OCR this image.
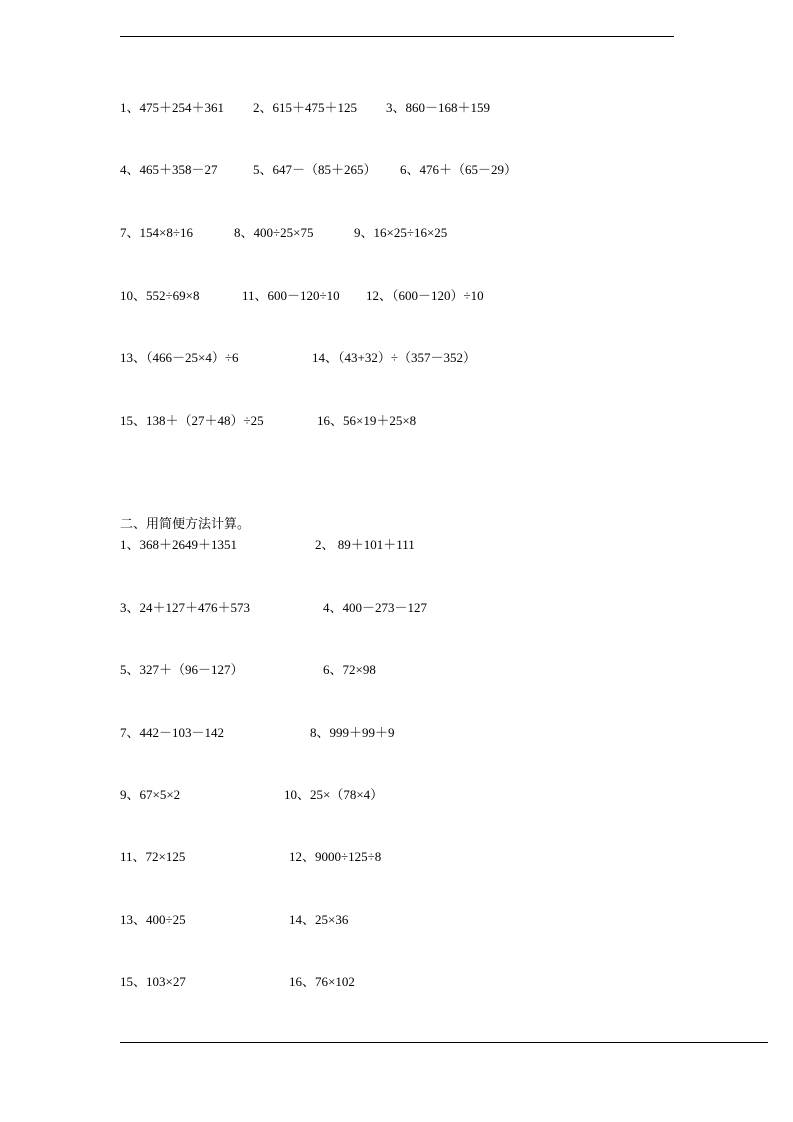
1、475＋254＋361

2、615＋475＋125

3、860－168＋159

4、465＋358－27

	5、647－（85＋265）

6、476＋（65－29）

7、154×8÷16

	8、400÷25×75

	9、16×25÷16×25

10、552÷69×8

	11、600－120÷10

12、（600－120）÷10

13、（466－25×4）÷6

	14、（43+32）÷（357－352）

15、138＋（27＋48）÷25

	16、56×19＋25×8

二、用简便方法计算。

1、368＋2649＋1351

	2、 89＋101＋111

3、24＋127＋476＋573

	4、400－273－127

5、327＋（96－127）

	6、72×98

7、442－103－142

	8、999＋99＋9

9、67×5×2

	10、25×（78×4）

11、72×125

	12、9000÷125÷8

13、400÷25

	14、25×36

15、103×27

	16、76×102
